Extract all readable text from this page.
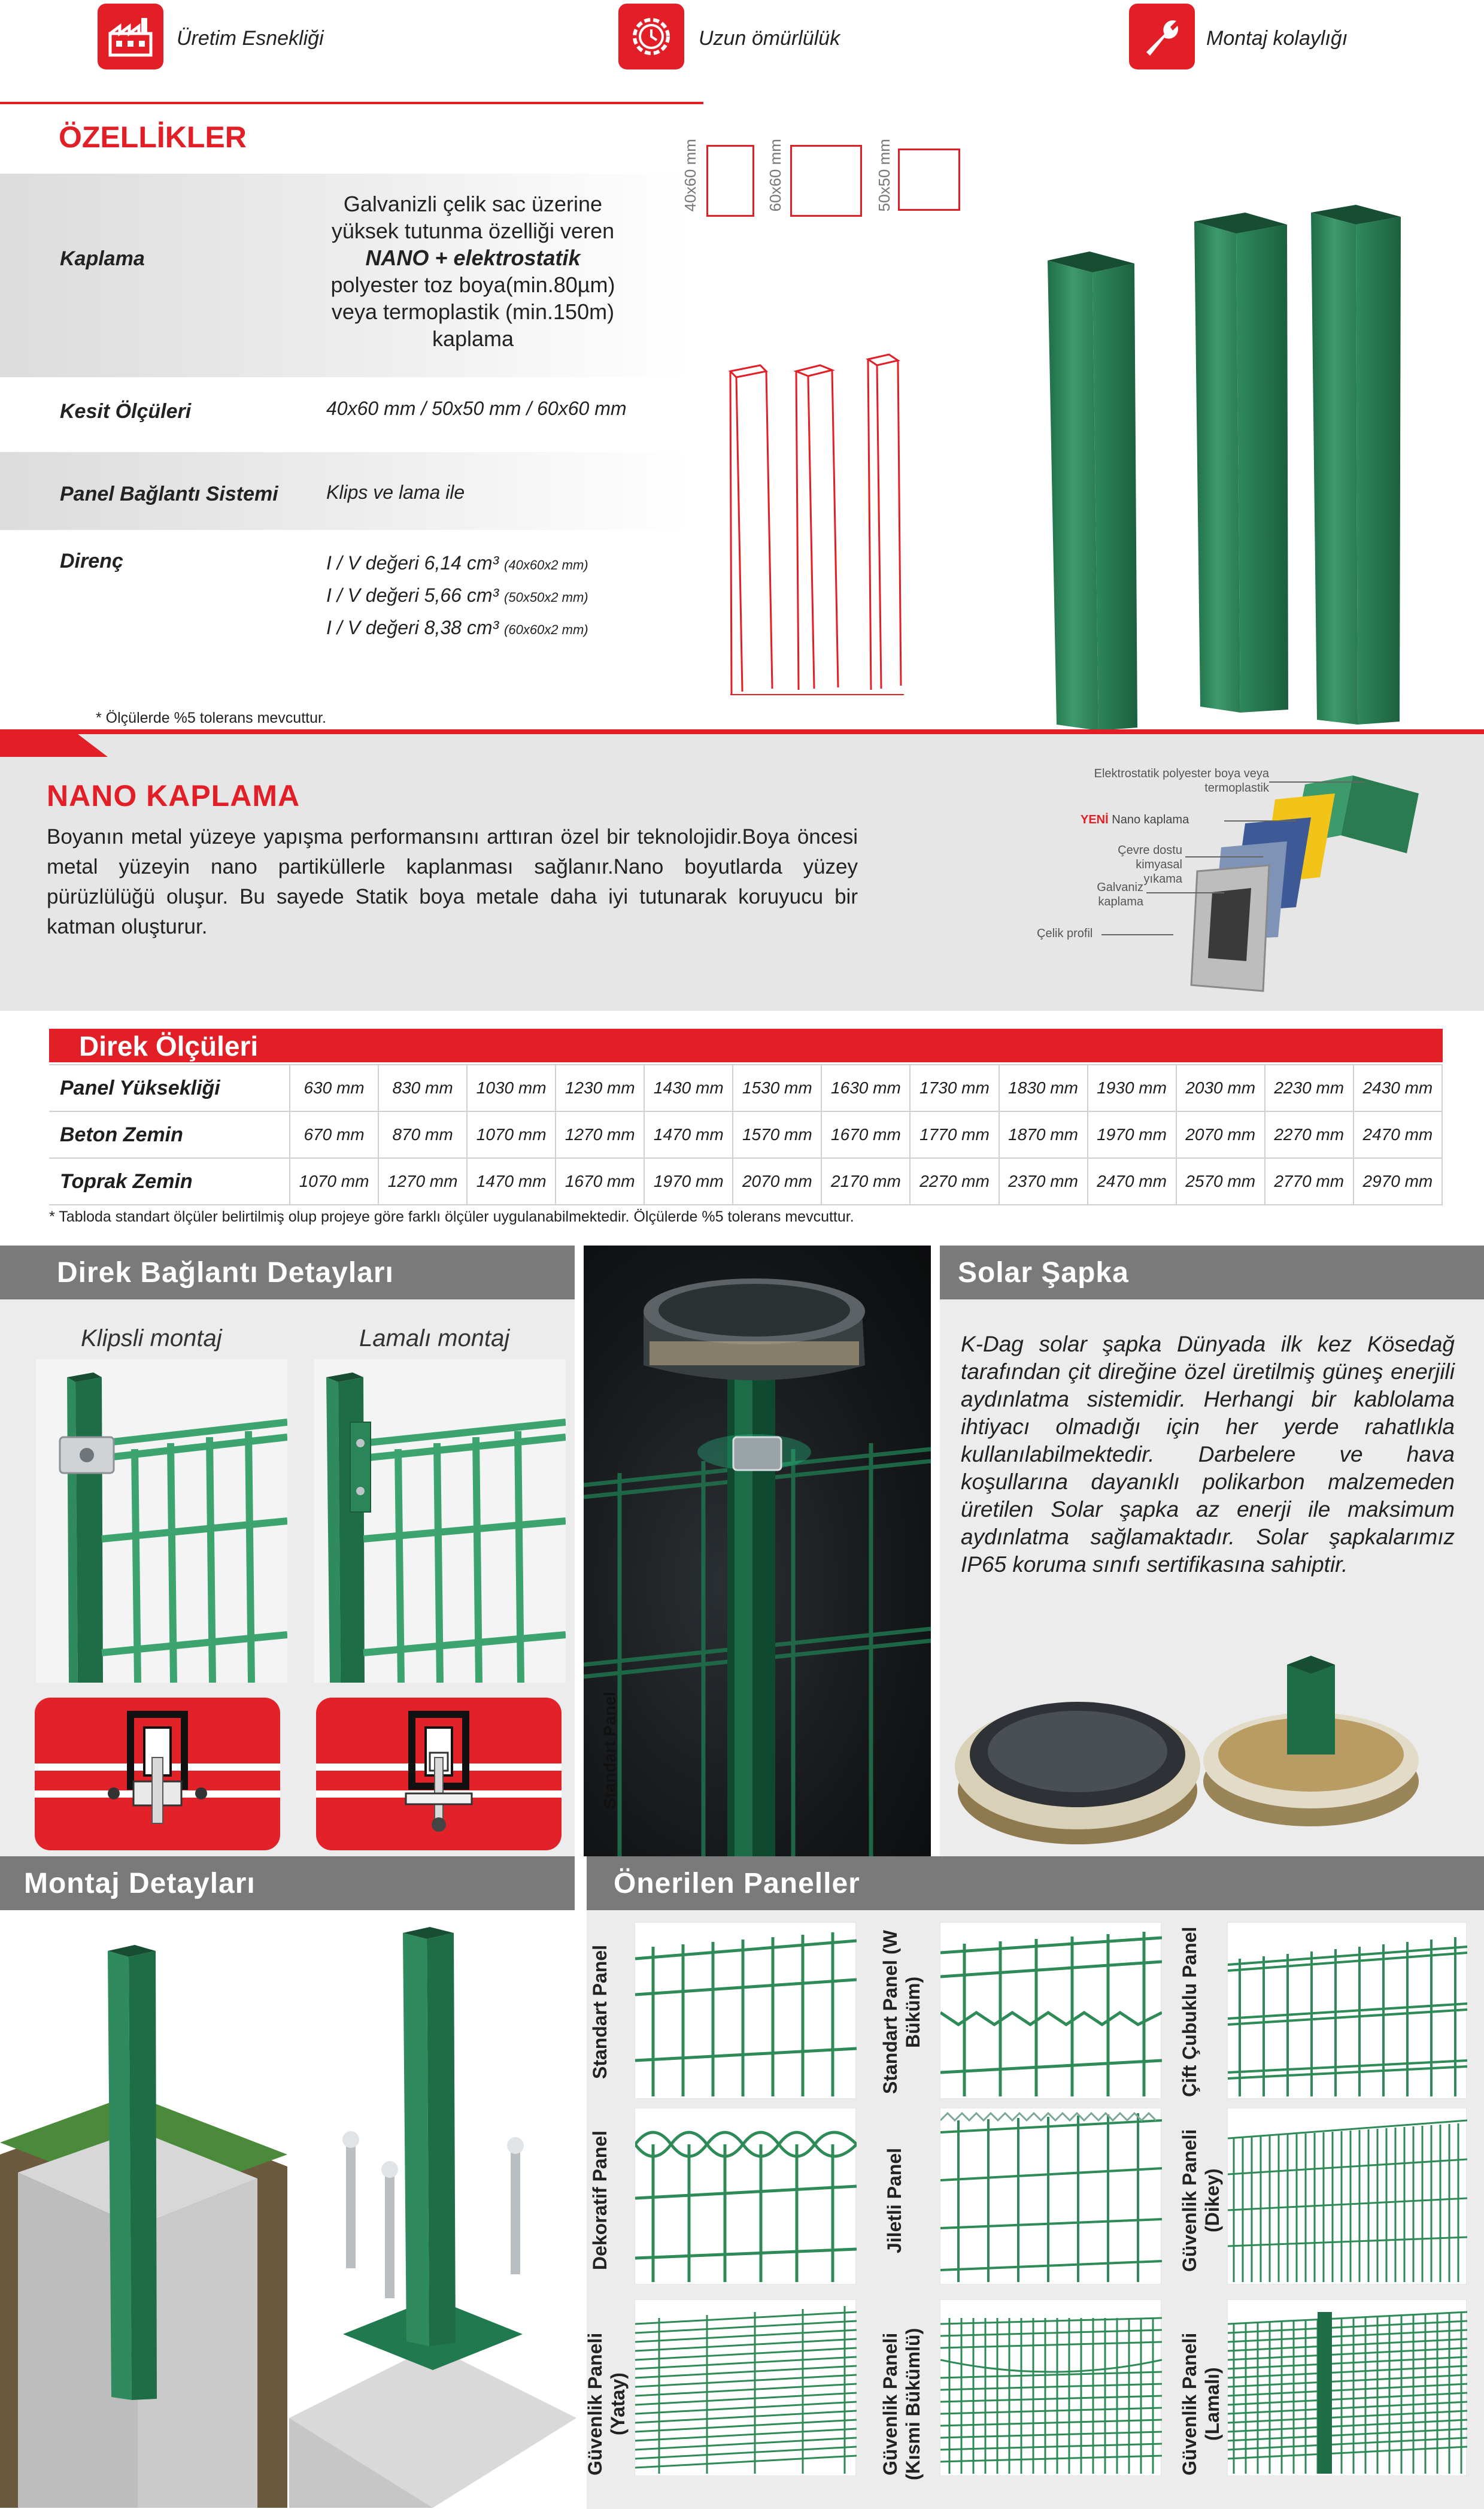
Üretim Esnekliği	Uzun ömürlülük	Montaj kolaylığı
ÖZELLİKLER
Kaplama
Galvanizli çelik sac üzerine
yüksek tutunma özelliği veren
NANO + elektrostatik
polyester toz boya(min.80µm)
veya termoplastik (min.150m)
kaplama
Kesit Ölçüleri	40x60 mm / 50x50 mm / 60x60 mm
Panel Bağlantı Sistemi	Klips ve lama ile
Direnç	I / V değeri 6,14 cm³ (40x60x2 mm)
I / V değeri 5,66 cm³ (50x50x2 mm)
I / V değeri 8,38 cm³ (60x60x2 mm)
40x60 mm	60x60 mm	50x50 mm
* Ölçülerde %5 tolerans mevcuttur.
NANO KAPLAMA
Boyanın metal yüzeye yapışma performansını arttıran özel bir teknolojidir.Boya öncesi metal yüzeyin nano partiküllerle kaplanması sağlanır.Nano boyutlarda yüzey pürüzlülüğü oluşur. Bu sayede Statik boya metale daha iyi tutunarak koruyucu bir katman oluşturur.
Elektrostatik polyester boya veya termoplastik
YENİ Nano kaplama
Çevre dostu kimyasal yıkama
Galvaniz kaplama
Çelik profil
Direk Ölçüleri
Panel Yüksekliği	630 mm	830 mm	1030 mm	1230 mm	1430 mm	1530 mm	1630 mm	1730 mm	1830 mm	1930 mm	2030 mm	2230 mm	2430 mm
Beton Zemin	670 mm	870 mm	1070 mm	1270 mm	1470 mm	1570 mm	1670 mm	1770 mm	1870 mm	1970 mm	2070 mm	2270 mm	2470 mm
Toprak Zemin	1070 mm	1270 mm	1470 mm	1670 mm	1970 mm	2070 mm	2170 mm	2270 mm	2370 mm	2470 mm	2570 mm	2770 mm	2970 mm
* Tabloda standart ölçüler belirtilmiş olup projeye göre farklı ölçüler uygulanabilmektedir. Ölçülerde %5 tolerans mevcuttur.
Direk Bağlantı Detayları
Klipsli montaj	Lamalı montaj
Standart Panel
Solar Şapka
K-Dag solar şapka Dünyada ilk kez Kösedağ tarafından çit direğine özel üretilmiş güneş enerjili aydınlatma sistemidir. Herhangi bir kablolama ihtiyacı olmadığı için her yerde rahatlıkla kullanılabilmektedir. Darbelere ve hava koşullarına dayanıklı polikarbon malzemeden üretilen Solar şapka az enerji ile maksimum aydınlatma sağlamaktadır. Solar şapkalarımız IP65 koruma sınıfı sertifikasına sahiptir.
Montaj Detayları	Önerilen Paneller
Standart Panel	Standart Panel (W Büküm)	Çift Çubuklu Panel
Dekoratif Panel	Jiletli Panel	Güvenlik Paneli (Dikey)
Güvenlik Paneli (Yatay)	Güvenlik Paneli (Kısmi Bükümlü)	Güvenlik Paneli (Lamalı)
